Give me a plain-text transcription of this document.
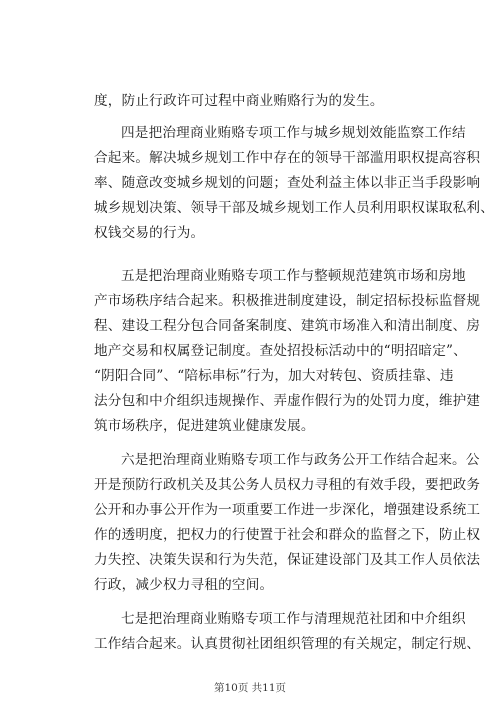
度，防止行政许可过程中商业贿赂行为的发生。
四是把治理商业贿赂专项工作与城乡规划效能监察工作结
合起来。解决城乡规划工作中存在的领导干部滥用职权提高容积
率、随意改变城乡规划的问题；查处利益主体以非正当手段影响
城乡规划决策、领导干部及城乡规划工作人员利用职权谋取私利、
权钱交易的行为。
五是把治理商业贿赂专项工作与整顿规范建筑市场和房地
产市场秩序结合起来。积极推进制度建设，制定招标投标监督规
程、建设工程分包合同备案制度、建筑市场准入和清出制度、房
地产交易和权属登记制度。查处招投标活动中的“明招暗定”、
“阴阳合同”、“陪标串标”行为，加大对转包、资质挂靠、违
法分包和中介组织违规操作、弄虚作假行为的处罚力度，维护建
筑市场秩序，促进建筑业健康发展。
六是把治理商业贿赂专项工作与政务公开工作结合起来。公
开是预防行政机关及其公务人员权力寻租的有效手段，要把政务
公开和办事公开作为一项重要工作进一步深化，增强建设系统工
作的透明度，把权力的行使置于社会和群众的监督之下，防止权
力失控、决策失误和行为失范，保证建设部门及其工作人员依法
行政，减少权力寻租的空间。
七是把治理商业贿赂专项工作与清理规范社团和中介组织
工作结合起来。认真贯彻社团组织管理的有关规定，制定行规、
第10页 共11页
